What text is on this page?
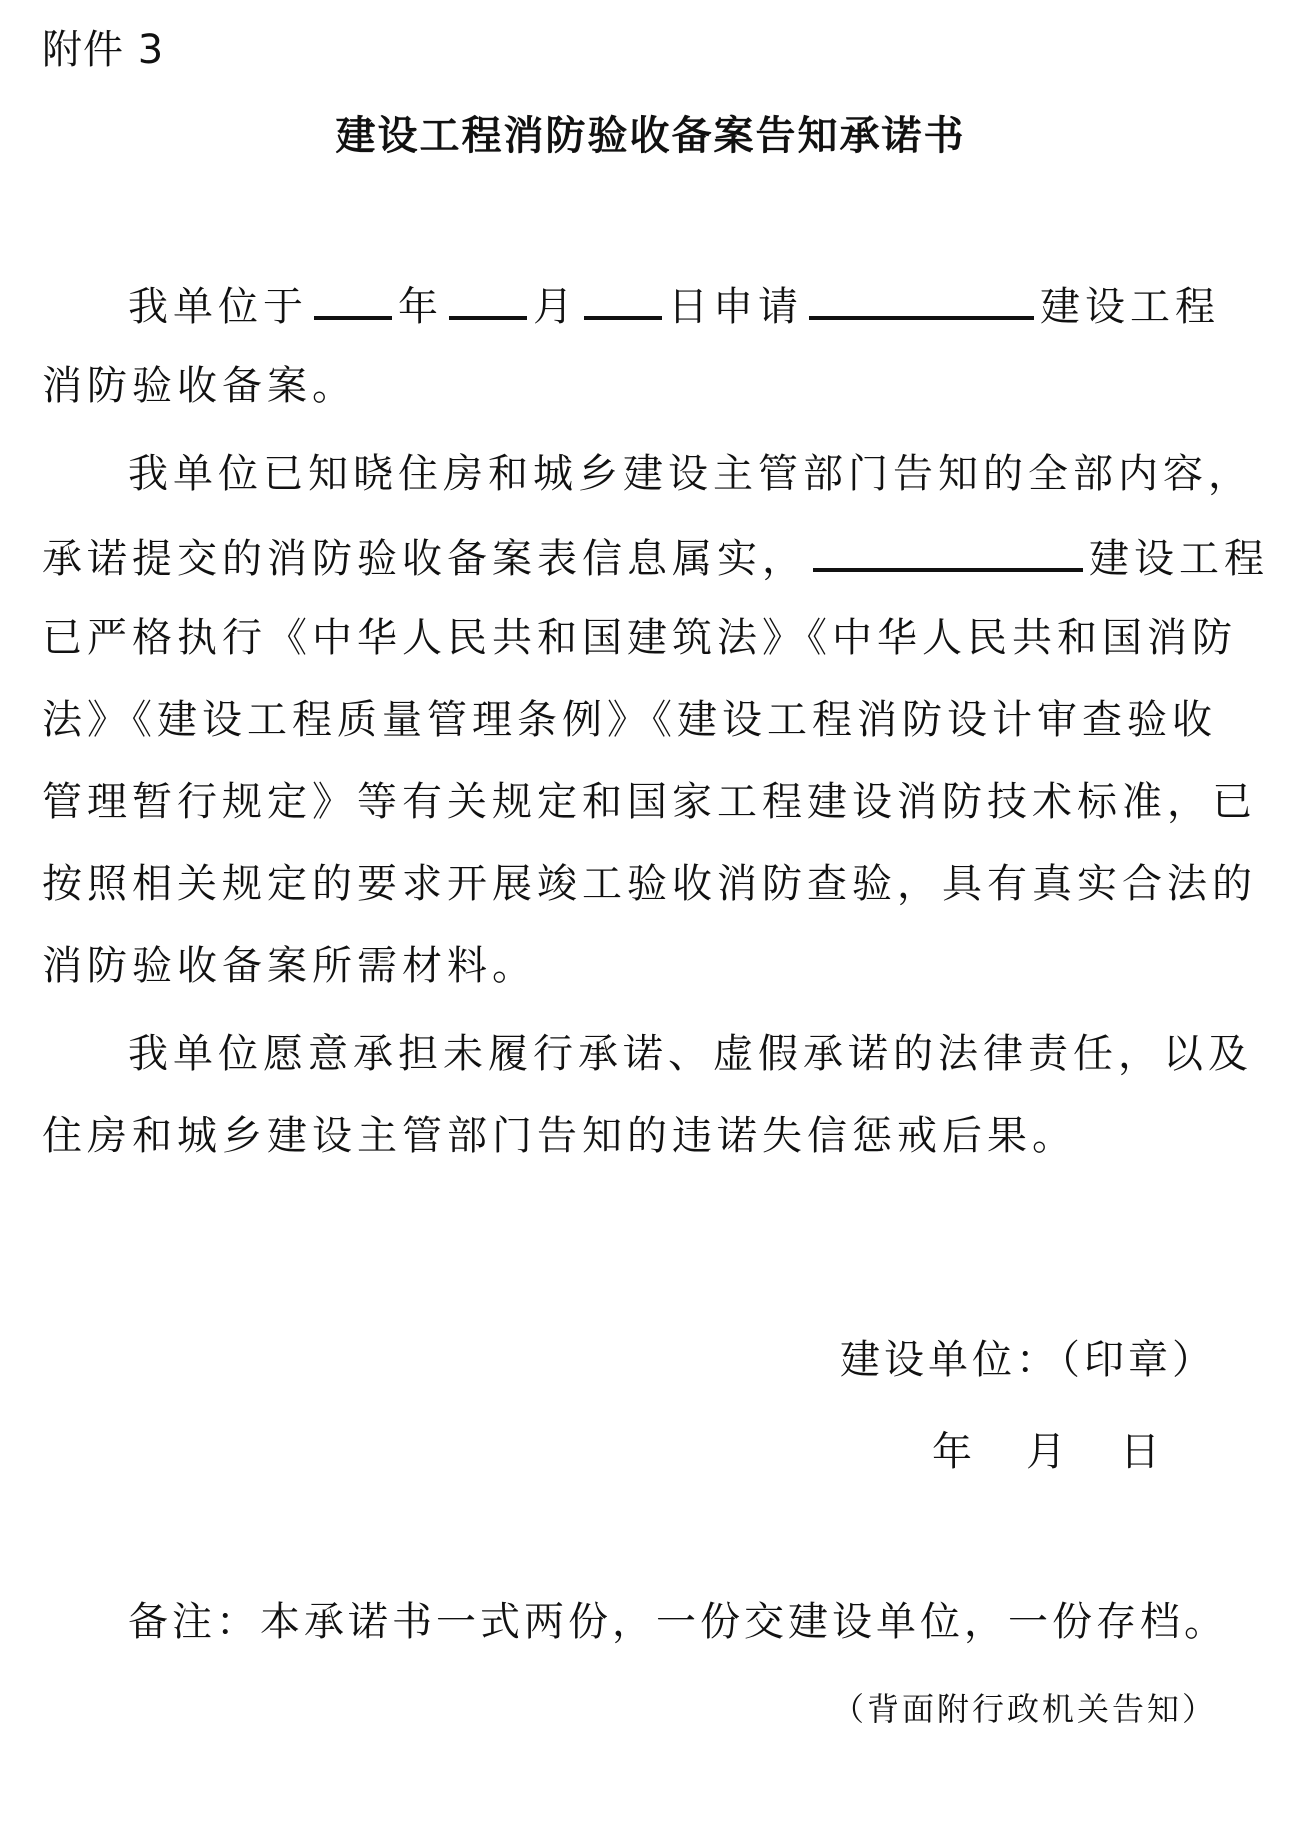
附件 3
建设工程消防验收备案告知承诺书
我单位于 年 月 日申请	建设工程
消防验收备案。
我单位已知晓住房和城乡建设主管部门告知的全部内容，
承诺提交的消防验收备案表信息属实，	建设工程
已严格执行《中华人民共和国建筑法》《中华人民共和国消防
法》《建设工程质量管理条例》《建设工程消防设计审查验收
管理暂行规定》等有关规定和国家工程建设消防技术标准，已
按照相关规定的要求开展竣工验收消防查验，具有真实合法的
消防验收备案所需材料。
我单位愿意承担未履行承诺、虚假承诺的法律责任，以及
住房和城乡建设主管部门告知的违诺失信惩戒后果。
建设单位：（印章）
年 月 日
备注：本承诺书一式两份，一份交建设单位，一份存档。
（背面附行政机关告知）
